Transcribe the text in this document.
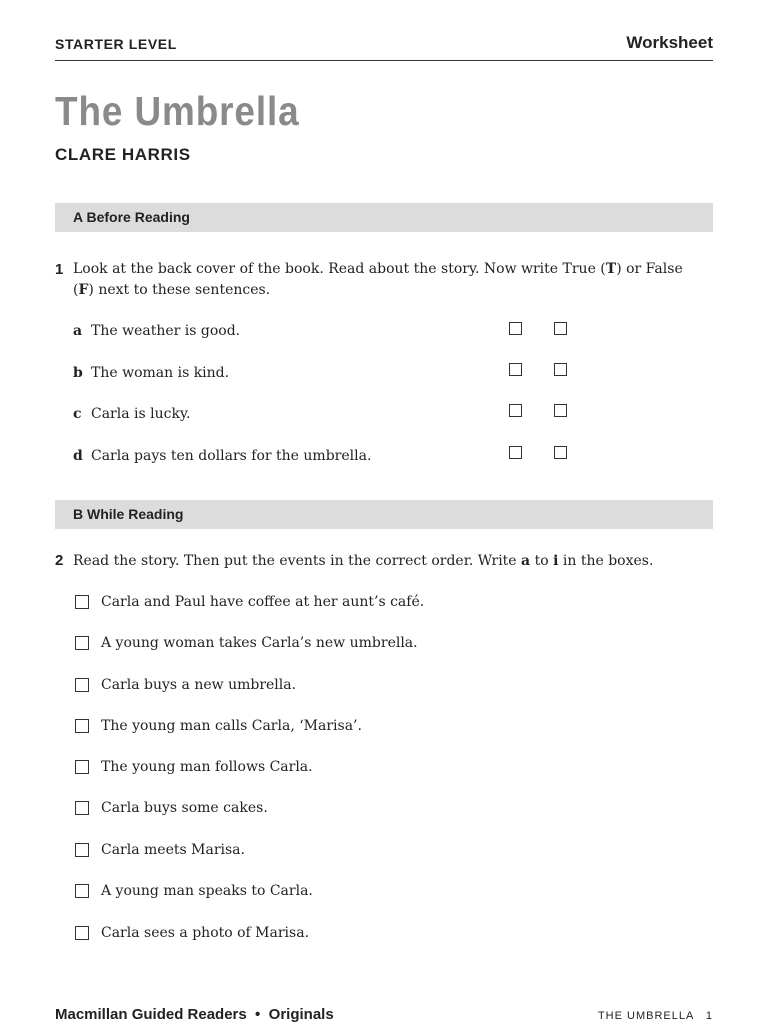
STARTER LEVEL	Worksheet
The Umbrella
CLARE HARRIS
A Before Reading
1 Look at the back cover of the book. Read about the story. Now write True (T) or False (F) next to these sentences.
a The weather is good.
b The woman is kind.
c Carla is lucky.
d Carla pays ten dollars for the umbrella.
B While Reading
2 Read the story. Then put the events in the correct order. Write a to i in the boxes.
Carla and Paul have coffee at her aunt’s café.
A young woman takes Carla’s new umbrella.
Carla buys a new umbrella.
The young man calls Carla, ‘Marisa’.
The young man follows Carla.
Carla buys some cakes.
Carla meets Marisa.
A young man speaks to Carla.
Carla sees a photo of Marisa.
Macmillan Guided Readers  •  Originals	THE UMBRELLA   1
